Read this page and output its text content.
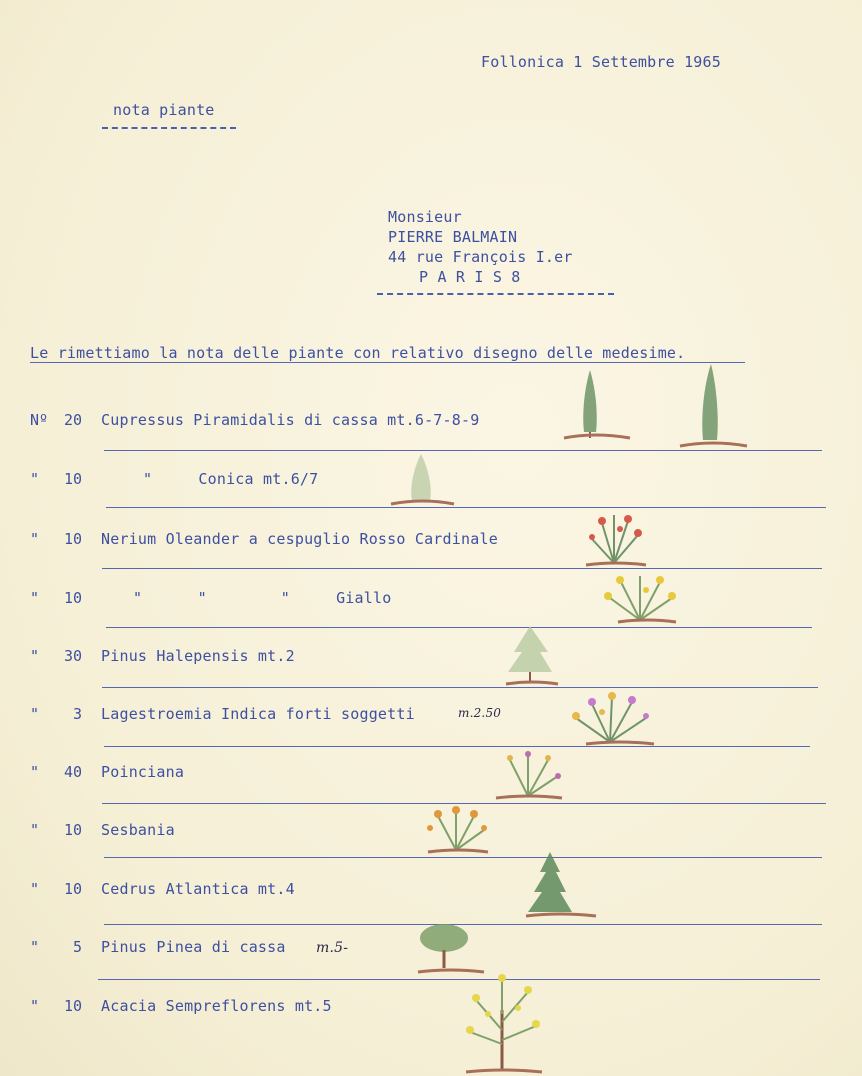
Follonica 1 Settembre 1965
nota piante
Monsieur
PIERRE BALMAIN
44 rue François I.er
P A R I S 8
Le rimettiamo la nota delle piante con relativo disegno delle medesime.
Nº	20 Cupressus Piramidalis di cassa mt.6-7-8-9
"	10	"     Conica mt.6/7
"	10 Nerium Oleander a cespuglio Rosso Cardinale
"	10	"      "        "     Giallo
"	30 Pinus Halepensis mt.2
"	3 Lagestroemia Indica forti soggetti	m.2.50
"	40 Poinciana
"	10 Sesbania
"	10 Cedrus Atlantica mt.4
"	5 Pinus Pinea di cassa m.5-
"	10 Acacia Sempreflorens mt.5
